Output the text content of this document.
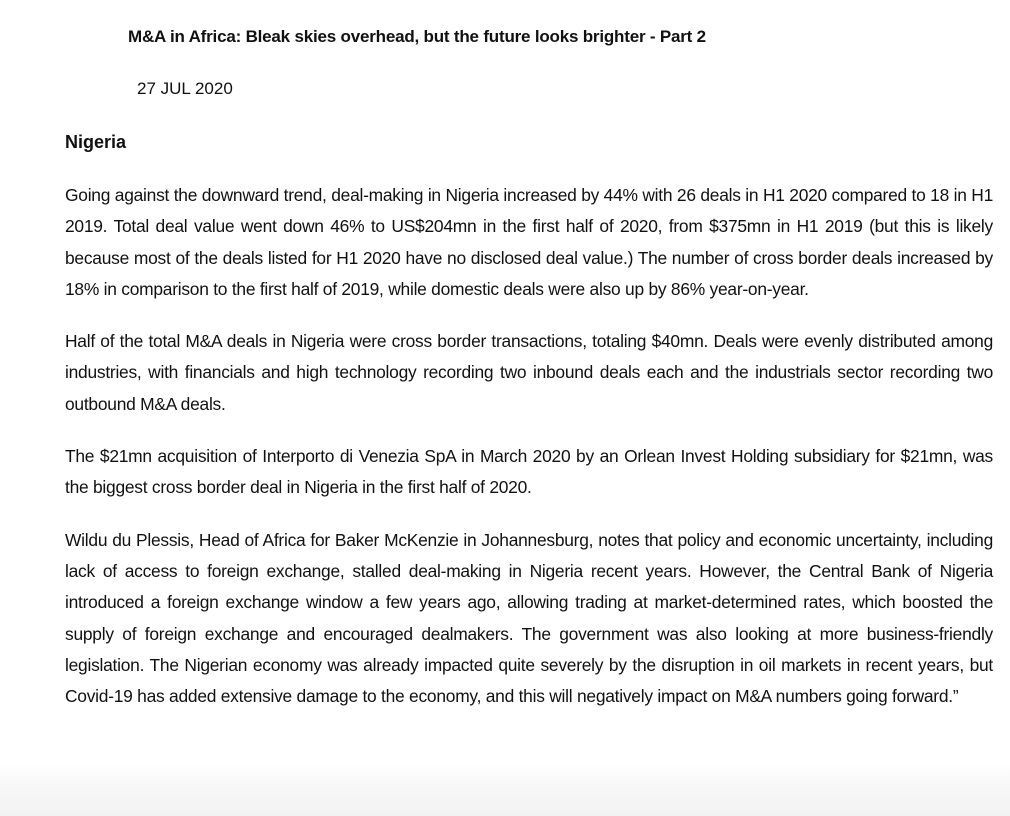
M&A in Africa: Bleak skies overhead, but the future looks brighter - Part 2
27 JUL 2020
Nigeria

Going against the downward trend, deal-making in Nigeria increased by 44% with 26 deals in H1 2020 compared to 18 in H1 2019. Total deal value went down 46% to US$204mn in the first half of 2020, from $375mn in H1 2019 (but this is likely because most of the deals listed for H1 2020 have no disclosed deal value.) The number of cross border deals increased by 18% in comparison to the first half of 2019, while domestic deals were also up by 86% year-on-year.

Half of the total M&A deals in Nigeria were cross border transactions, totaling $40mn. Deals were evenly distributed among industries, with financials and high technology recording two inbound deals each and the industrials sector recording two outbound M&A deals.

The $21mn acquisition of Interporto di Venezia SpA in March 2020 by an Orlean Invest Holding subsidiary for $21mn, was the biggest cross border deal in Nigeria in the first half of 2020.

Wildu du Plessis, Head of Africa for Baker McKenzie in Johannesburg, notes that policy and economic uncertainty, including lack of access to foreign exchange, stalled deal-making in Nigeria recent years. However, the Central Bank of Nigeria introduced a foreign exchange window a few years ago, allowing trading at market-determined rates, which boosted the supply of foreign exchange and encouraged dealmakers. The government was also looking at more business-friendly legislation. The Nigerian economy was already impacted quite severely by the disruption in oil markets in recent years, but Covid-19 has added extensive damage to the economy, and this will negatively impact on M&A numbers going forward.”
